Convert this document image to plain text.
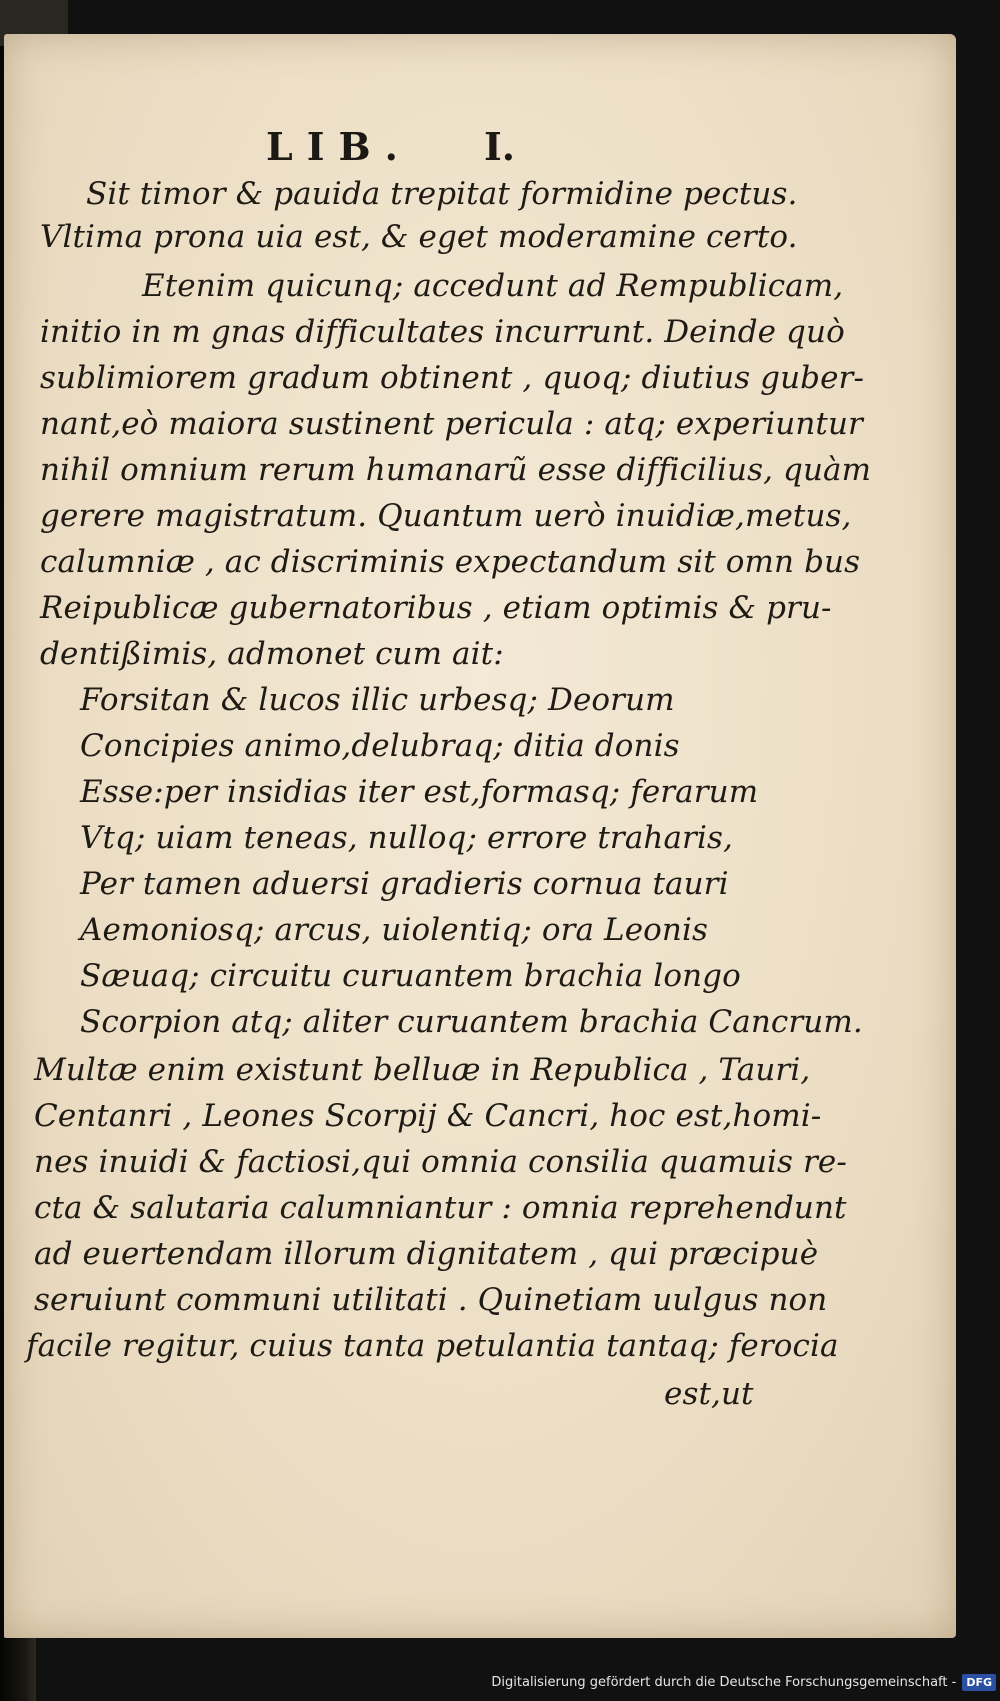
LIB. I.
Sit timor & pauida trepitat formidine pectus.
Vltima prona uia est, & eget moderamine certo.
Etenim quicunq; accedunt ad Rempublicam,
initio in m gnas difficultates incurrunt. Deinde quò
sublimiorem gradum obtinent , quoq; diutius guber-
nant,eò maiora sustinent pericula : atq; experiuntur
nihil omnium rerum humanarũ esse difficilius, quàm
gerere magistratum. Quantum uerò inuidiæ,metus,
calumniæ , ac discriminis expectandum sit omn bus
Reipublicæ gubernatoribus , etiam optimis & pru-
dentißimis, admonet cum ait:
Forsitan & lucos illic urbesq; Deorum
Concipies animo,delubraq; ditia donis
Esse:per insidias iter est,formasq; ferarum
Vtq; uiam teneas, nulloq; errore traharis,
Per tamen aduersi gradieris cornua tauri
Aemoniosq; arcus, uiolentiq; ora Leonis
Sæuaq; circuitu curuantem brachia longo
Scorpion atq; aliter curuantem brachia Cancrum.
Multæ enim existunt belluæ in Republica , Tauri,
Centanri , Leones Scorpij & Cancri, hoc est,homi-
nes inuidi & factiosi,qui omnia consilia quamuis re-
cta & salutaria calumniantur : omnia reprehendunt
ad euertendam illorum dignitatem , qui præcipuè
seruiunt communi utilitati . Quinetiam uulgus non
facile regitur, cuius tanta petulantia tantaq; ferocia
est,ut
Digitalisierung gefördert durch die Deutsche Forschungsgemeinschaft - DFG
